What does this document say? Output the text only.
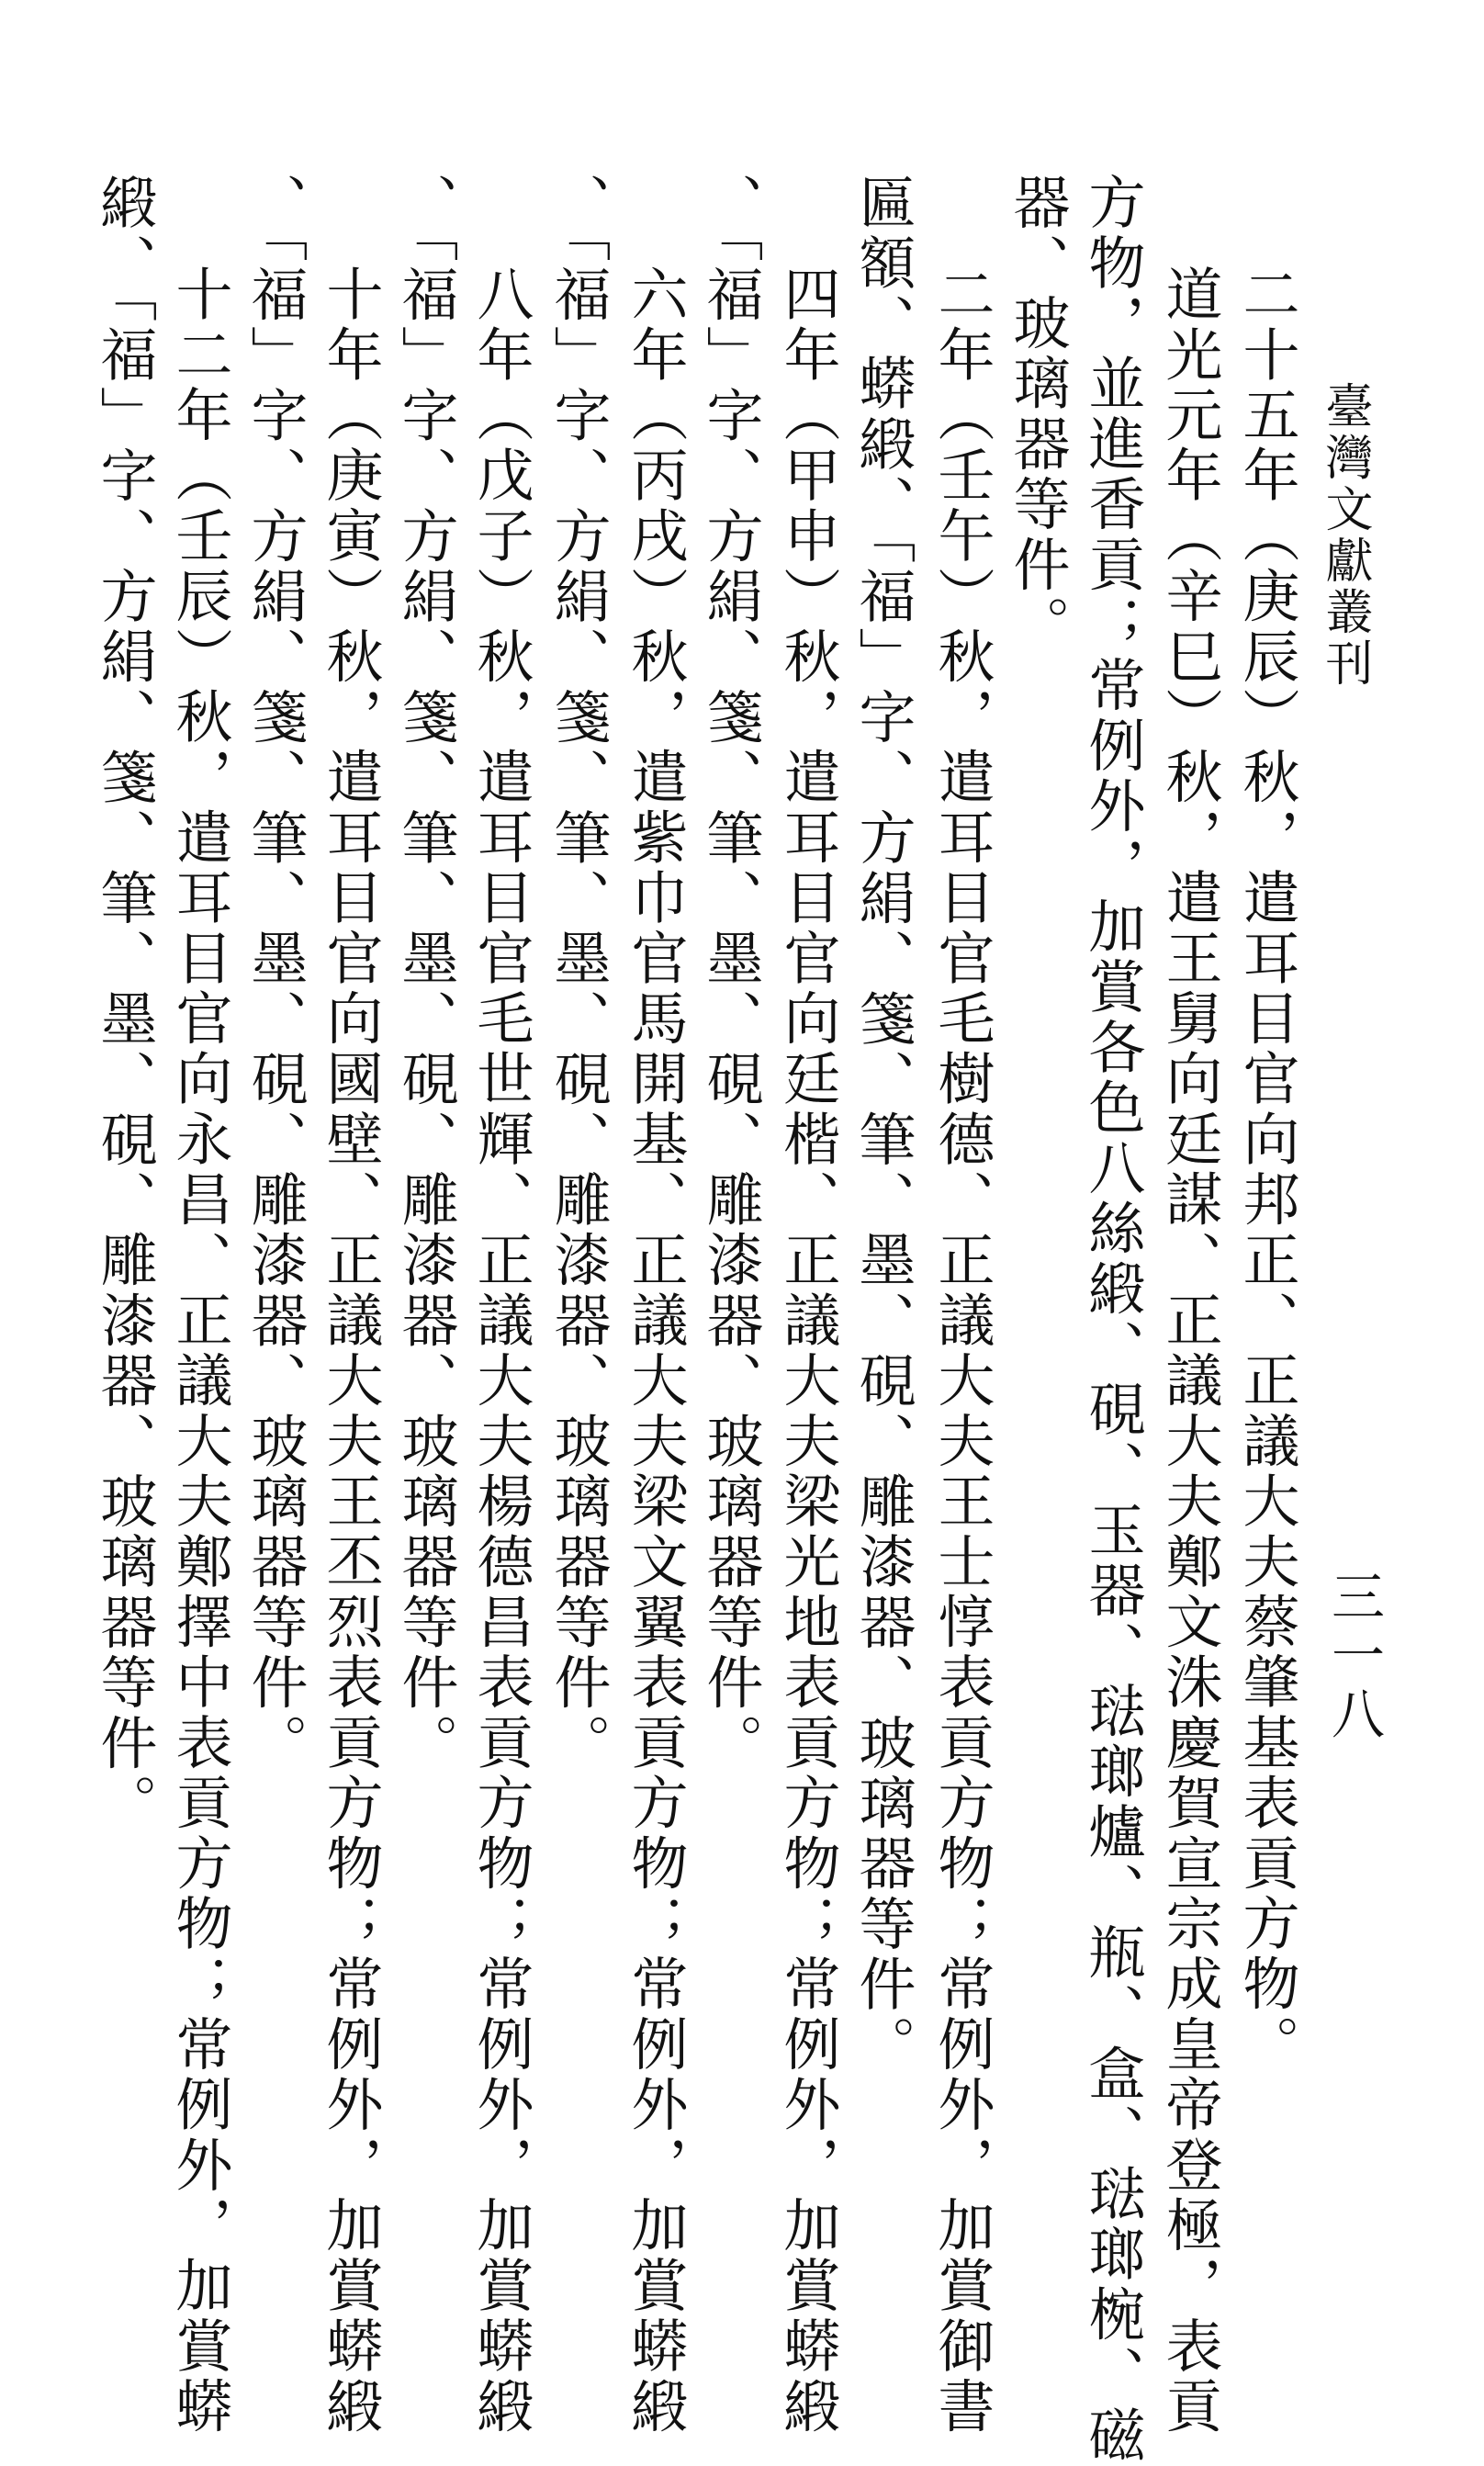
臺灣文獻叢刊
三一八
二十五年（庚辰）秋，遣耳目官向邦正、正議大夫蔡肇基表貢方物。
道光元年（辛巳）秋，遣王舅向廷謀、正議大夫鄭文洙慶賀宣宗成皇帝登極，表貢
方物，並進香貢；常例外，加賞各色八絲緞、硯、玉器、琺瑯爐、瓶、盒、琺瑯椀、磁
器、玻璃器等件。
二年（壬午）秋，遣耳目官毛樹德、正議大夫王士惇表貢方物；常例外，加賞御書
匾額、蟒緞、「福」字、方絹、箋、筆、墨、硯、雕漆器、玻璃器等件。
四年（甲申）秋，遣耳目官向廷楷、正議大夫梁光地表貢方物；常例外，加賞蟒緞
、「福」字、方絹、箋、筆、墨、硯、雕漆器、玻璃器等件。
六年（丙戌）秋，遣紫巾官馬開基、正議大夫梁文翼表貢方物；常例外，加賞蟒緞
、「福」字、方絹、箋、筆、墨、硯、雕漆器、玻璃器等件。
八年（戊子）秋，遣耳目官毛世輝、正議大夫楊德昌表貢方物；常例外，加賞蟒緞
、「福」字、方絹、箋、筆、墨、硯、雕漆器、玻璃器等件。
十年（庚寅）秋，遣耳目官向國壁、正議大夫王丕烈表貢方物；常例外，加賞蟒緞
、「福」字、方絹、箋、筆、墨、硯、雕漆器、玻璃器等件。
十二年（壬辰）秋，遣耳目官向永昌、正議大夫鄭擇中表貢方物；常例外，加賞蟒
緞、「福」字、方絹、箋、筆、墨、硯、雕漆器、玻璃器等件。
